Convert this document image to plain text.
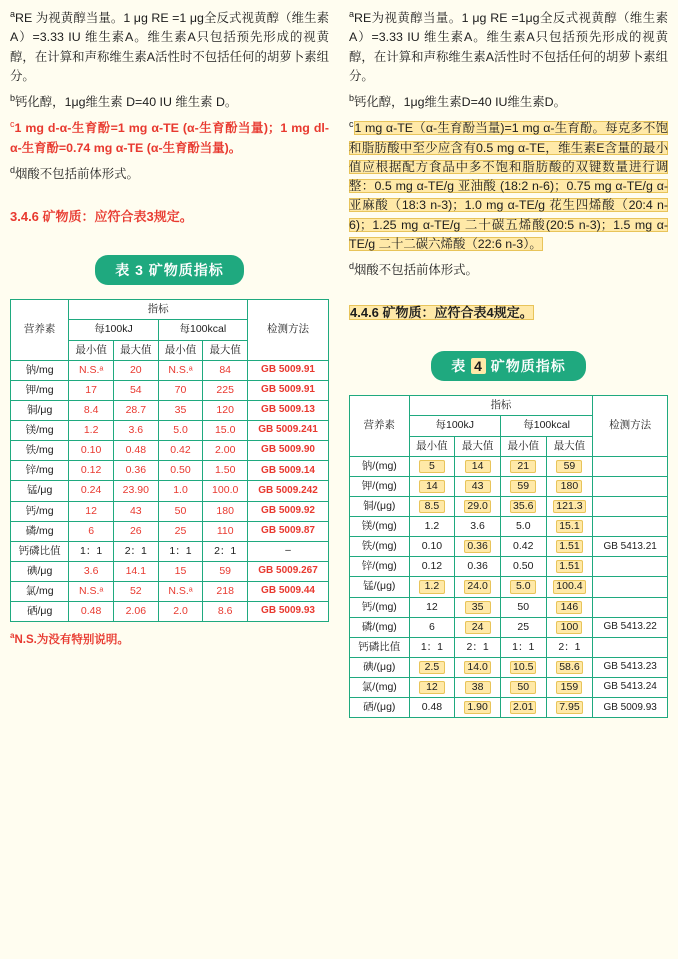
$^a$RE 为视黄醇当量。1 μg RE =1 μg全反式视黄醇（维生素A）=3.33 IU 维生素A。维生素A只包括预先形成的视黄醇，在计算和声称维生素A活性时不包括任何的胡萝卜素组分。

$^b$钙化醇，1μg维生素 D=40 IU 维生素 D。

$^c$1 mg d-α-生育酚=1 mg α-TE (α-生育酚当量)；1 mg dl-α-生育酚=0.74 mg α-TE (α-生育酚当量)。

$^d$烟酸不包括前体形式。

3.4.6 矿物质：应符合表3规定。
表 3 矿物质指标
营养素	指标				检测方法
	每100kJ		每100kcal		
	最小值	最大值	最小值	最大值	
钠/mg	N.S.ᵃ	20	N.S.ᵃ	84	GB 5009.91
钾/mg	17	54	70	225	GB 5009.91
铜/μg	8.4	28.7	35	120	GB 5009.13
镁/mg	1.2	3.6	5.0	15.0	GB 5009.241
铁/mg	0.10	0.48	0.42	2.00	GB 5009.90
锌/mg	0.12	0.36	0.50	1.50	GB 5009.14
锰/μg	0.24	23.90	1.0	100.0	GB 5009.242
钙/mg	12	43	50	180	GB 5009.92
磷/mg	6	26	25	110	GB 5009.87
钙磷比值	1：1	2：1	1：1	2：1	–
碘/μg	3.6	14.1	15	59	GB 5009.267
氯/mg	N.S.ᵃ	52	N.S.ᵃ	218	GB 5009.44
硒/μg	0.48	2.06	2.0	8.6	GB 5009.93
$^a$N.S.为没有特别说明。

$^a$RE为视黄醇当量。1 μg RE =1μg全反式视黄醇（维生素A）=3.33 IU 维生素A。维生素A只包括预先形成的视黄醇，在计算和声称维生素A活性时不包括任何的胡萝卜素组分。

$^b$钙化醇，1μg维生素D=40 IU维生素D。

$^c$1 mg α-TE（α-生育酚当量)=1 mg α-生育酚。每克多不饱和脂肪酸中至少应含有0.5 mg α-TE，维生素E含量的最小值应根据配方食品中多不饱和脂肪酸的双键数量进行调整：0.5 mg α-TE/g 亚油酸 (18:2 n-6)；0.75 mg α-TE/g α-亚麻酸（18:3 n-3)；1.0 mg α-TE/g 花生四烯酸（20:4 n-6)；1.25 mg α-TE/g 二十碳五烯酸(20:5 n-3)；1.5 mg α-TE/g 二十二碳六烯酸（22:6 n-3）。

$^d$烟酸不包括前体形式。

4.4.6 矿物质：应符合表4规定。
表 4 矿物质指标
营养素	指标				检测方法
	每100kJ		每100kcal		
	最小值	最大值	最小值	最大值	
钠/(mg)	5	14	21	59	
钾/(mg)	14	43	59	180	
铜/(μg)	8.5	29.0	35.6	121.3	
镁/(mg)	1.2	3.6	5.0	15.1	
铁/(mg)	0.10	0.36	0.42	1.51	GB 5413.21
锌/(mg)	0.12	0.36	0.50	1.51	
锰/(μg)	1.2	24.0	5.0	100.4	
钙/(mg)	12	35	50	146	
磷/(mg)	6	24	25	100	GB 5413.22
钙磷比值	1：1	2：1	1：1	2：1	
碘/(μg)	2.5	14.0	10.5	58.6	GB 5413.23
氯/(mg)	12	38	50	159	GB 5413.24
硒/(μg)	0.48	1.90	2.01	7.95	GB 5009.93
